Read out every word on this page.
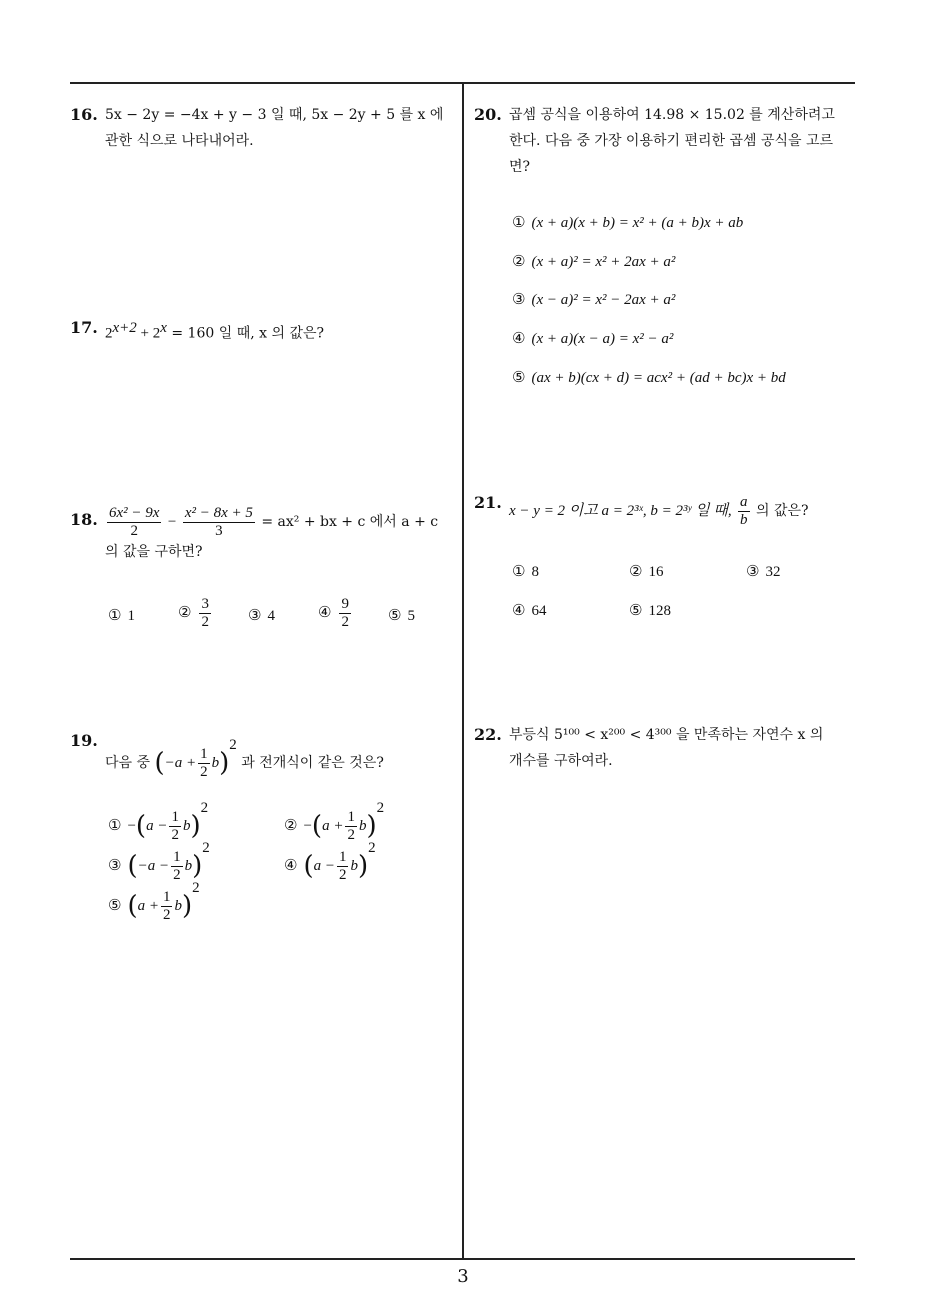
16. 5x − 2y = −4x + y − 3 일 때, 5x − 2y + 5 를 x 에
관한 식으로 나타내어라.
17. $2^{x+2} + 2^x = 160$ 일 때, x 의 값은?
18. $\frac{\text{6x² − 9x}}{2} - \frac{\text{x² − 8x + 5}}{3} = ax^2$ + bx + c 에서 a + c
의 값을 구하면?
① 1	② $\frac{3}{2}$ ③ 4	④ $\frac{9}{2}$ ⑤ 5
19.
다음 중 $(-a + \frac{1}{2} b)^2$ 과 전개식이 같은 것은?
① $-(a - \frac{1}{2} b)^2$
② $-(a + \frac{1}{2} b)^2$
③ $(-a - \frac{1}{2} b)^2$
④ $(a - \frac{1}{2} b)^2$
⑤ $(a + \frac{1}{2} b)^2$
20. 곱셈 공식을 이용하여 14.98 × 15.02 를 계산하려고
한다. 다음 중 가장 이용하기 편리한 곱셈 공식을 고르
면?
① (x + a)(x + b) = x² + (a + b)x + ab
② (x + a)² = x² + 2ax + a²
③ (x − a)² = x² − 2ax + a²
④ (x + a)(x − a) = x² − a²
⑤ (ax + b)(cx + d) = acx² + (ad + bc)x + bd
21. x − y = 2 이고 a = 2³ˣ, b = 2³ʸ 일 때, $\frac{a}{b}$ 의 값은?
① 8	② 16	③ 32
④ 64	⑤ 128
22. 부등식 5¹⁰⁰ < x²⁰⁰ < 4³⁰⁰ 을 만족하는 자연수 x 의
개수를 구하여라.
3
